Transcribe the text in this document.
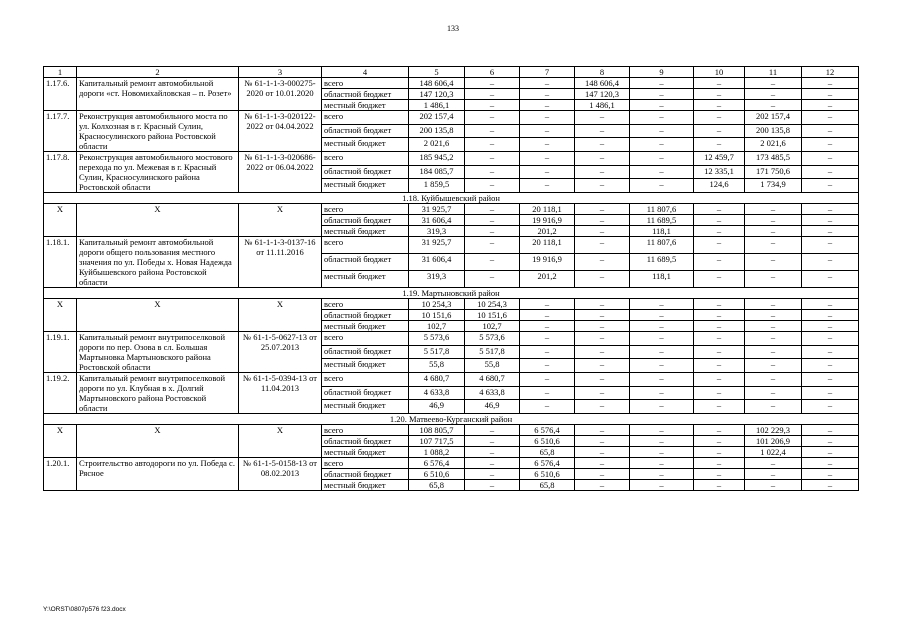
133
1	2	3	4	5	6	7	8	9	10	11	12
1.17.6.	Капитальный ремонт автомобильной дороги «ст. Новомихайловская – п. Розет»	№ 61-1-1-3-000275-2020 от 10.01.2020	всего	148 606,4	–	–	148 606,4	–	–	–	–
			областной бюджет	147 120,3	–	–	147 120,3	–	–	–	–
			местный бюджет	1 486,1	–	–	1 486,1	–	–	–	–
1.17.7.	Реконструкция автомобильного моста по ул. Колхозная в г. Красный Сулин, Красносулинского района Ростовской области	№ 61-1-1-3-020122-2022 от 04.04.2022	всего	202 157,4	–	–	–	–	–	202 157,4	–
			областной бюджет	200 135,8	–	–	–	–	–	200 135,8	–
			местный бюджет	2 021,6	–	–	–	–	–	2 021,6	–
1.17.8.	Реконструкция автомобильного мостового перехода по ул. Межевая в г. Красный Сулин, Красносулинского района Ростовской области	№ 61-1-1-3-020686-2022 от 06.04.2022	всего	185 945,2	–	–	–	–	12 459,7	173 485,5	–
			областной бюджет	184 085,7	–	–	–	–	12 335,1	171 750,6	–
			местный бюджет	1 859,5	–	–	–	–	124,6	1 734,9	–
1.18. Куйбышевский район											
Х	Х	Х	всего	31 925,7	–	20 118,1	–	11 807,6	–	–	–
			областной бюджет	31 606,4	–	19 916,9	–	11 689,5	–	–	–
			местный бюджет	319,3	–	201,2	–	118,1	–	–	–
1.18.1.	Капитальный ремонт автомобильной дороги общего пользования местного значения по ул. Победы х. Новая Надежда Куйбышевского района Ростовской области	№ 61-1-1-3-0137-16 от 11.11.2016	всего	31 925,7	–	20 118,1	–	11 807,6	–	–	–
			областной бюджет	31 606,4	–	19 916,9	–	11 689,5	–	–	–
			местный бюджет	319,3	–	201,2	–	118,1	–	–	–
1.19. Мартыновский район											
Х	Х	Х	всего	10 254,3	10 254,3	–	–	–	–	–	–
			областной бюджет	10 151,6	10 151,6	–	–	–	–	–	–
			местный бюджет	102,7	102,7	–	–	–	–	–	–
1.19.1.	Капитальный ремонт внутрипоселковой дороги по пер. Озова в сл. Большая Мартыновка Мартыновского района Ростовской области	№ 61-1-5-0627-13 от 25.07.2013	всего	5 573,6	5 573,6	–	–	–	–	–	–
			областной бюджет	5 517,8	5 517,8	–	–	–	–	–	–
			местный бюджет	55,8	55,8	–	–	–	–	–	–
1.19.2.	Капитальный ремонт внутрипоселковой дороги по ул. Клубная в х. Долгий Мартыновского района Ростовской области	№ 61-1-5-0394-13 от 11.04.2013	всего	4 680,7	4 680,7	–	–	–	–	–	–
			областной бюджет	4 633,8	4 633,8	–	–	–	–	–	–
			местный бюджет	46,9	46,9	–	–	–	–	–	–
1.20. Матвеево-Курганский район											
Х	Х	Х	всего	108 805,7	–	6 576,4	–	–	–	102 229,3	–
			областной бюджет	107 717,5	–	6 510,6	–	–	–	101 206,9	–
			местный бюджет	1 088,2	–	65,8	–	–	–	1 022,4	–
1.20.1.	Строительство автодороги по ул. Победа с. Рясное	№ 61-1-5-0158-13 от 08.02.2013	всего	6 576,4	–	6 576,4	–	–	–	–	–
			областной бюджет	6 510,6	–	6 510,6	–	–	–	–	–
			местный бюджет	65,8	–	65,8	–	–	–	–	–
Y:\ORST\0807p576 f23.docx
